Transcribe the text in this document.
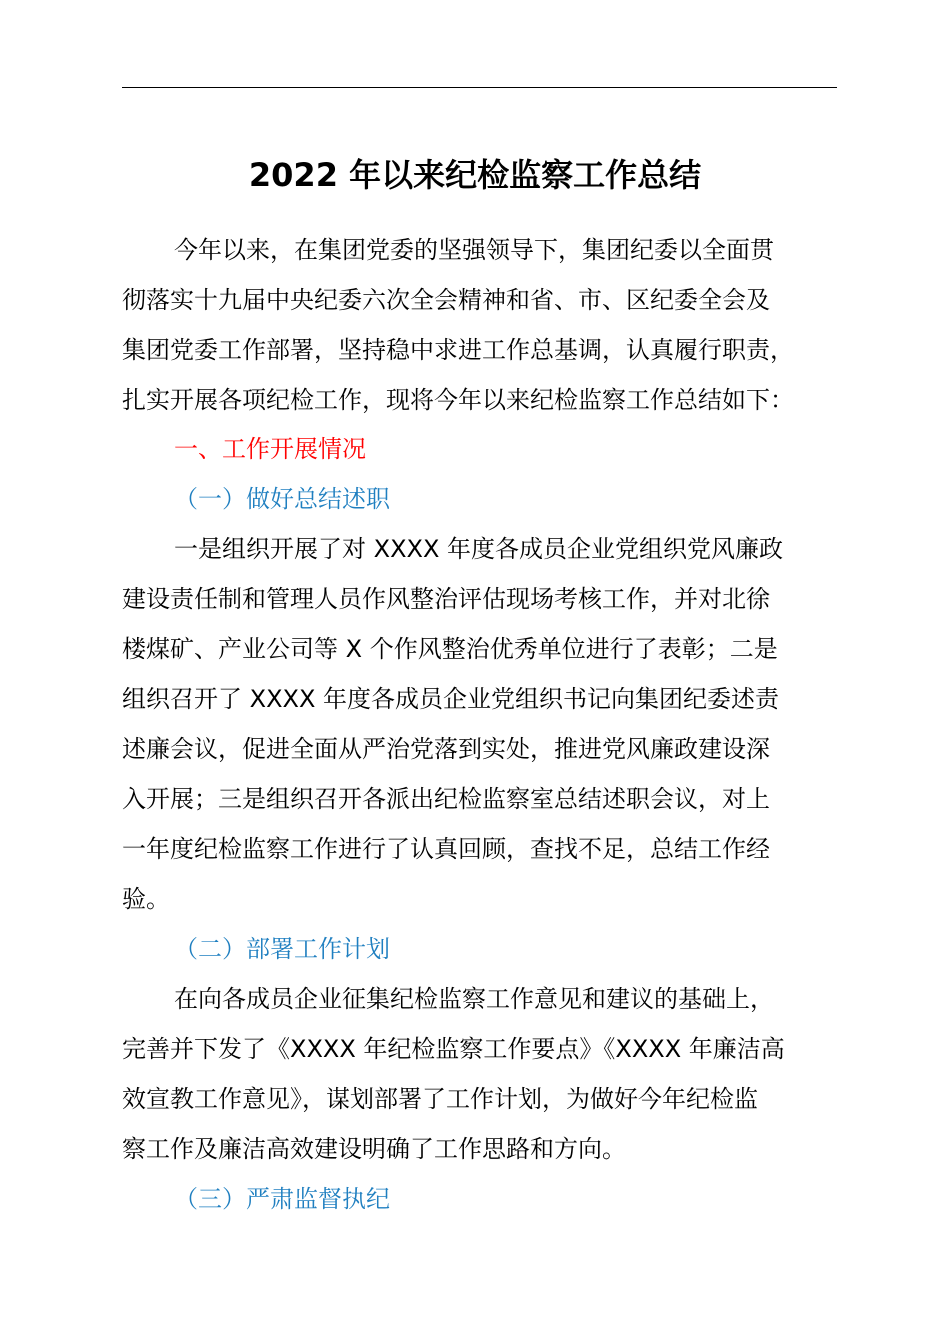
2022 年以来纪检监察工作总结
今年以来，在集团党委的坚强领导下，集团纪委以全面贯
彻落实十九届中央纪委六次全会精神和省、市、区纪委全会及
集团党委工作部署，坚持稳中求进工作总基调，认真履行职责，
扎实开展各项纪检工作，现将今年以来纪检监察工作总结如下：
一、工作开展情况
（一）做好总结述职
一是组织开展了对 XXXX 年度各成员企业党组织党风廉政
建设责任制和管理人员作风整治评估现场考核工作，并对北徐
楼煤矿、产业公司等 X 个作风整治优秀单位进行了表彰；二是
组织召开了 XXXX 年度各成员企业党组织书记向集团纪委述责
述廉会议，促进全面从严治党落到实处，推进党风廉政建设深
入开展；三是组织召开各派出纪检监察室总结述职会议，对上
一年度纪检监察工作进行了认真回顾，查找不足，总结工作经
验。
（二）部署工作计划
在向各成员企业征集纪检监察工作意见和建议的基础上，
完善并下发了《XXXX 年纪检监察工作要点》《XXXX 年廉洁高
效宣教工作意见》，谋划部署了工作计划，为做好今年纪检监
察工作及廉洁高效建设明确了工作思路和方向。
（三）严肃监督执纪
